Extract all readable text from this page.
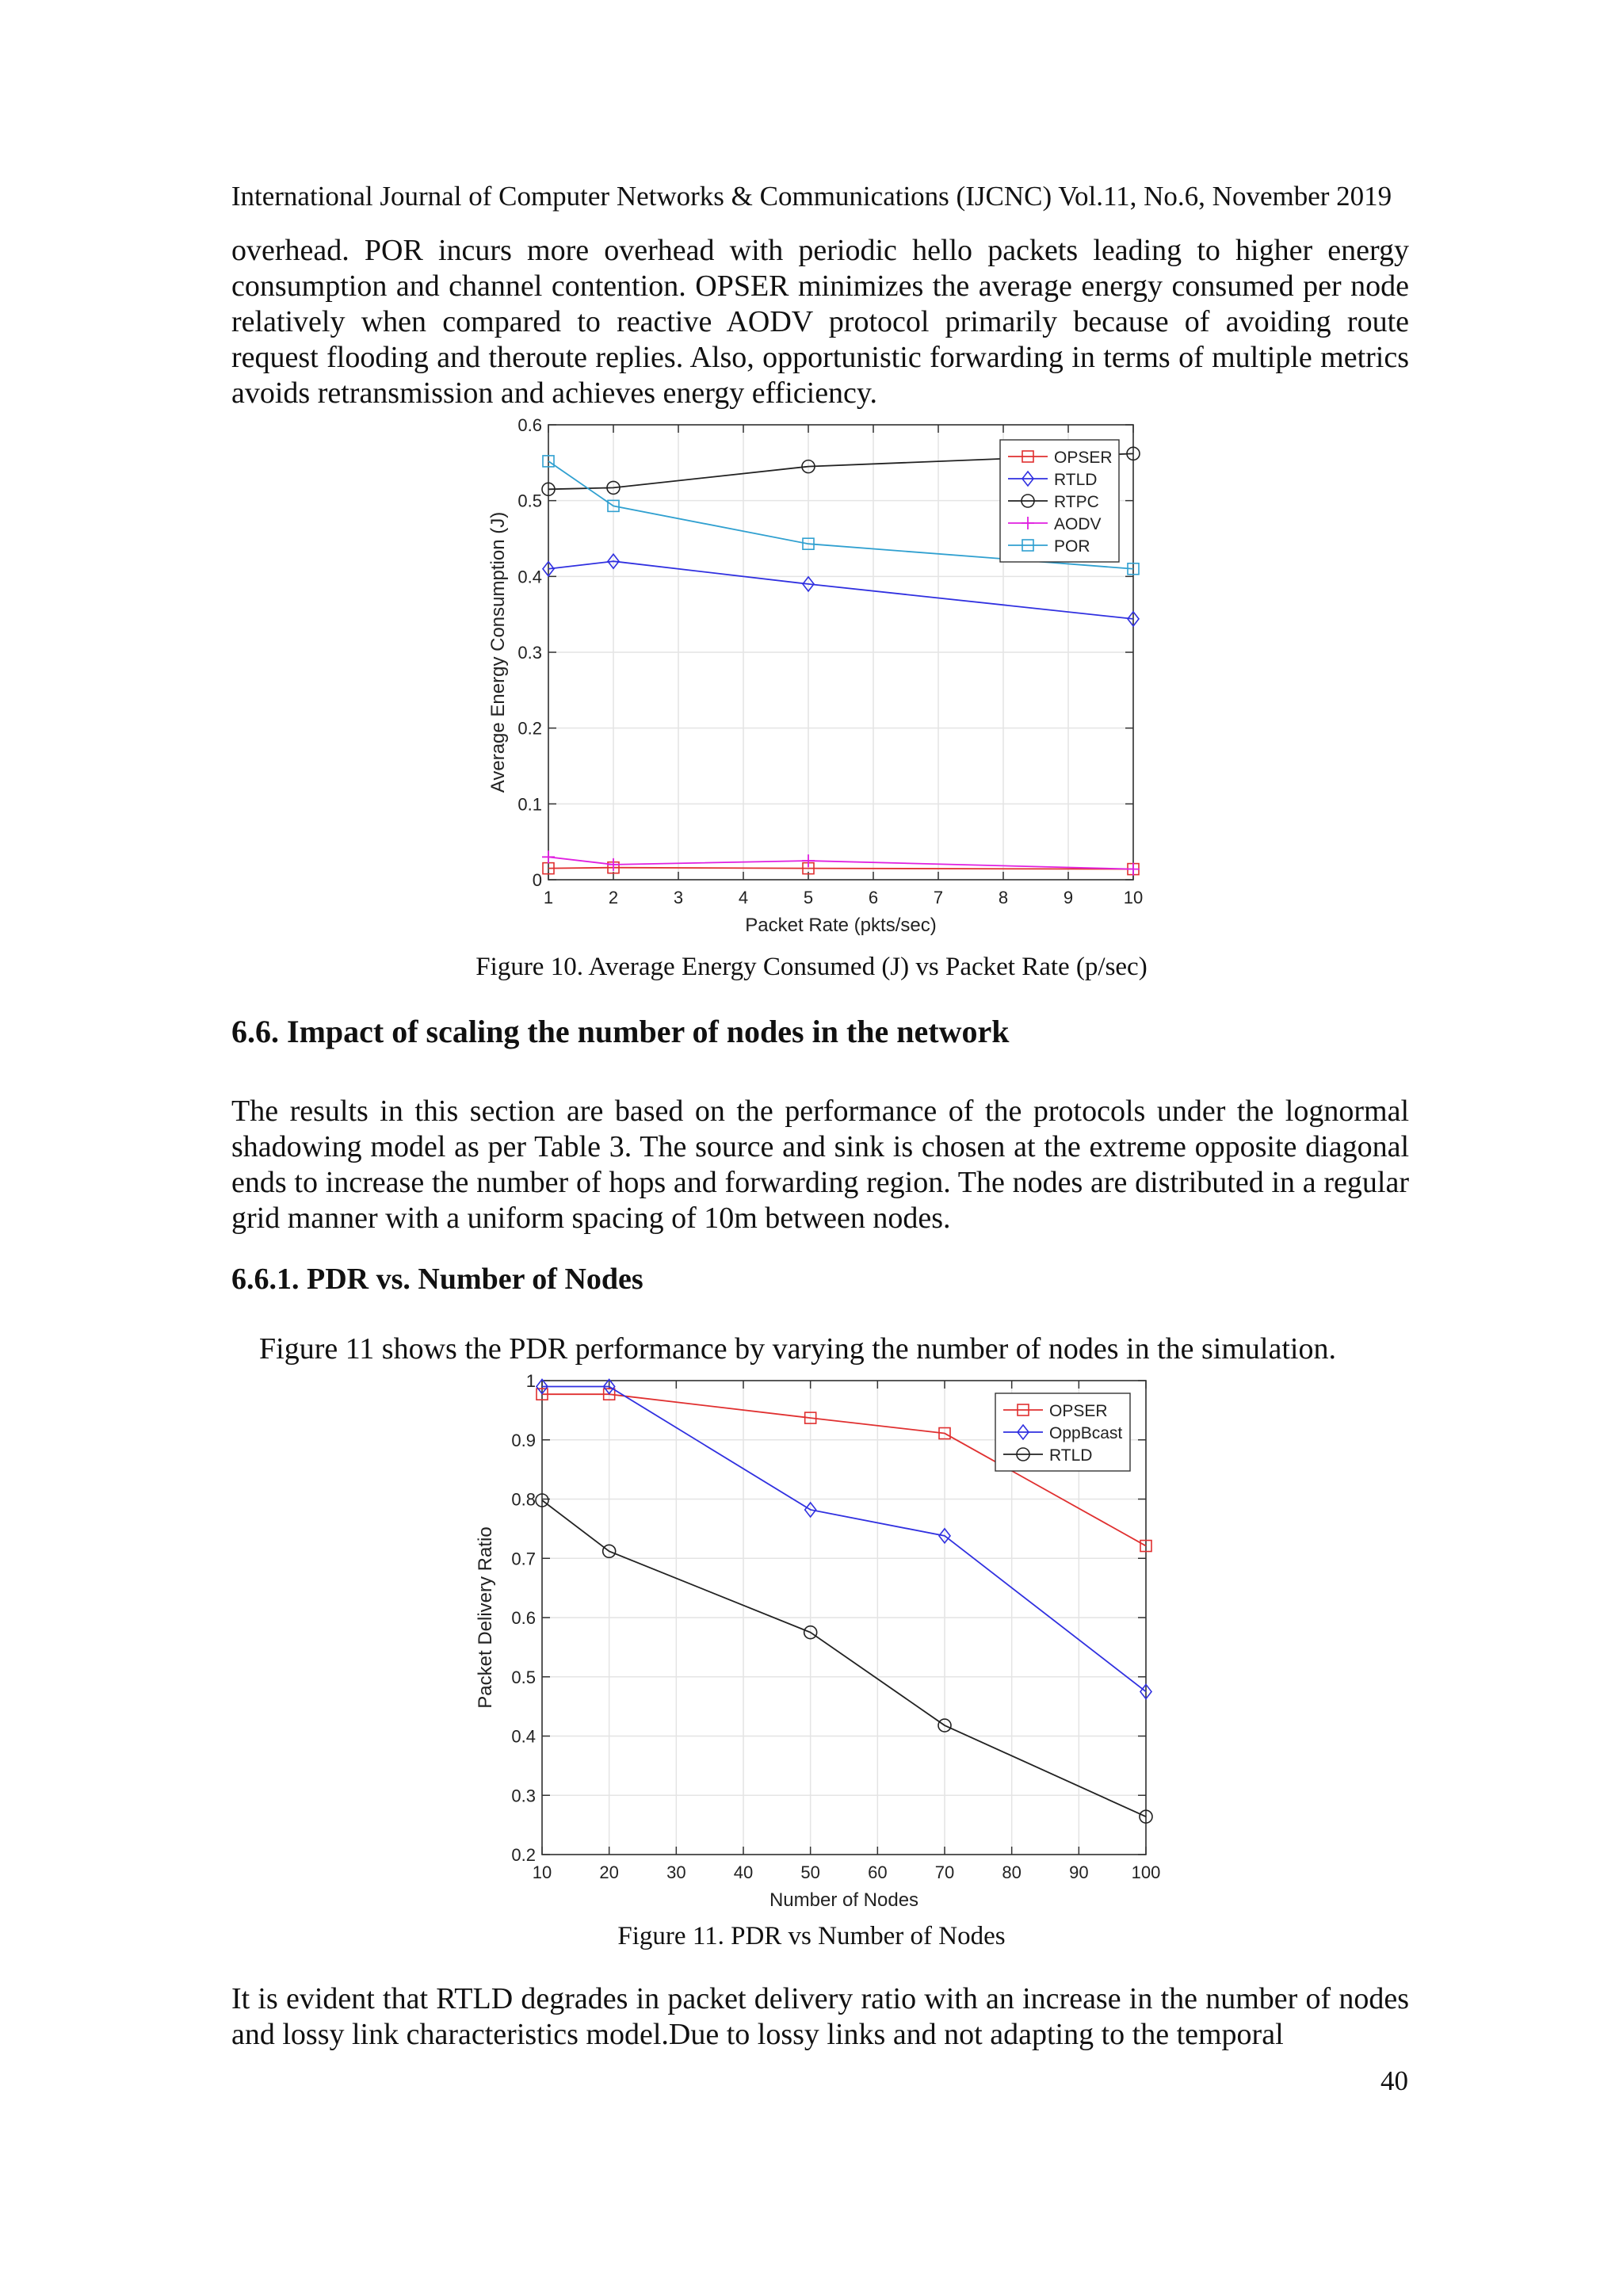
International Journal of Computer Networks & Communications (IJCNC) Vol.11, No.6, November 2019

overhead. POR incurs more overhead with periodic hello packets leading to higher energy consumption and channel contention. OPSER minimizes the average energy consumed per node relatively when compared to reactive AODV protocol primarily because of avoiding route request flooding and theroute replies. Also, opportunistic forwarding in terms of multiple metrics avoids retransmission and achieves energy efficiency.

1	2	3	4	5	6	7	8	9	10
0
0.1
0.2
0.3
0.4
0.5
0.6
Packet Rate (pkts/sec)
Average Energy Consumption (J)
OPSER
RTLD
RTPC
AODV
POR
Figure 10. Average Energy Consumed (J) vs Packet Rate (p/sec)
6.6. Impact of scaling the number of nodes in the network

The results in this section are based on the performance of the protocols under the lognormal shadowing model as per Table 3. The source and sink is chosen at the extreme opposite diagonal ends to increase the number of hops and forwarding region. The nodes are distributed in a regular grid manner with a uniform spacing of 10m between nodes.

6.6.1. PDR vs. Number of Nodes
Figure 11 shows the PDR performance by varying the number of nodes in the simulation.
10	20	30	40	50	60	70	80	90 100
0.2
0.3
0.4
0.5
0.6
0.7
0.8
0.9
1
Number of Nodes
Packet Delivery Ratio
OPSER
OppBcast
RTLD
Figure 11. PDR vs Number of Nodes

It is evident that RTLD degrades in packet delivery ratio with an increase in the number of nodes and lossy link characteristics model.Due to lossy links and not adapting to the temporal

40
